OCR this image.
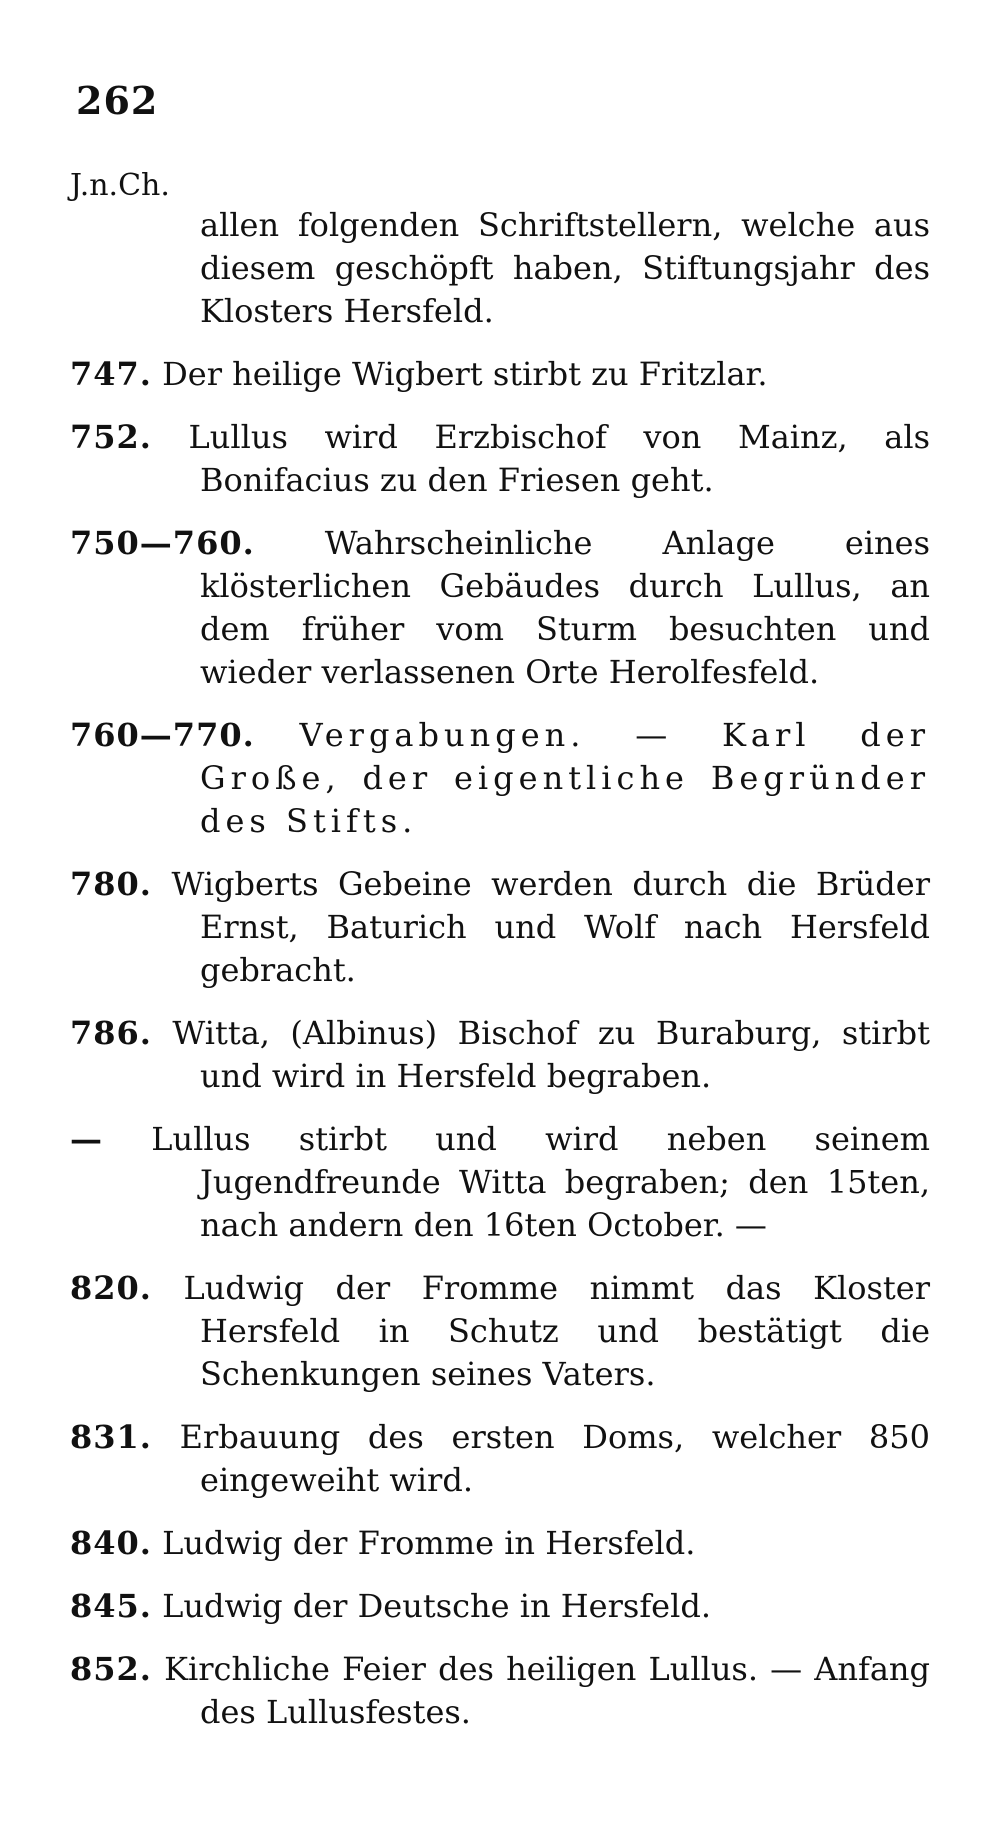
262
J.n.Ch.

allen folgenden Schriftstellern, welche aus diesem geschöpft haben, Stiftungsjahr des Klosters Hersfeld.

747. Der heilige Wigbert stirbt zu Fritzlar.

752. Lullus wird Erzbischof von Mainz, als Bonifacius zu den Friesen geht.

750—760. Wahrscheinliche Anlage eines klösterlichen Gebäudes durch Lullus, an dem früher vom Sturm besuchten und wieder verlassenen Orte Herolfesfeld.

760—770. Vergabungen. — Karl der Große, der eigentliche Begründer des Stifts.

780. Wigberts Gebeine werden durch die Brüder Ernst, Baturich und Wolf nach Hersfeld gebracht.

786. Witta, (Albinus) Bischof zu Buraburg, stirbt und wird in Hersfeld begraben.

— Lullus stirbt und wird neben seinem Jugendfreunde Witta begraben; den 15ten, nach andern den 16ten October. —

820. Ludwig der Fromme nimmt das Kloster Hersfeld in Schutz und bestätigt die Schenkungen seines Vaters.

831. Erbauung des ersten Doms, welcher 850 eingeweiht wird.

840. Ludwig der Fromme in Hersfeld.

845. Ludwig der Deutsche in Hersfeld.

852. Kirchliche Feier des heiligen Lullus. — Anfang des Lullusfestes.
